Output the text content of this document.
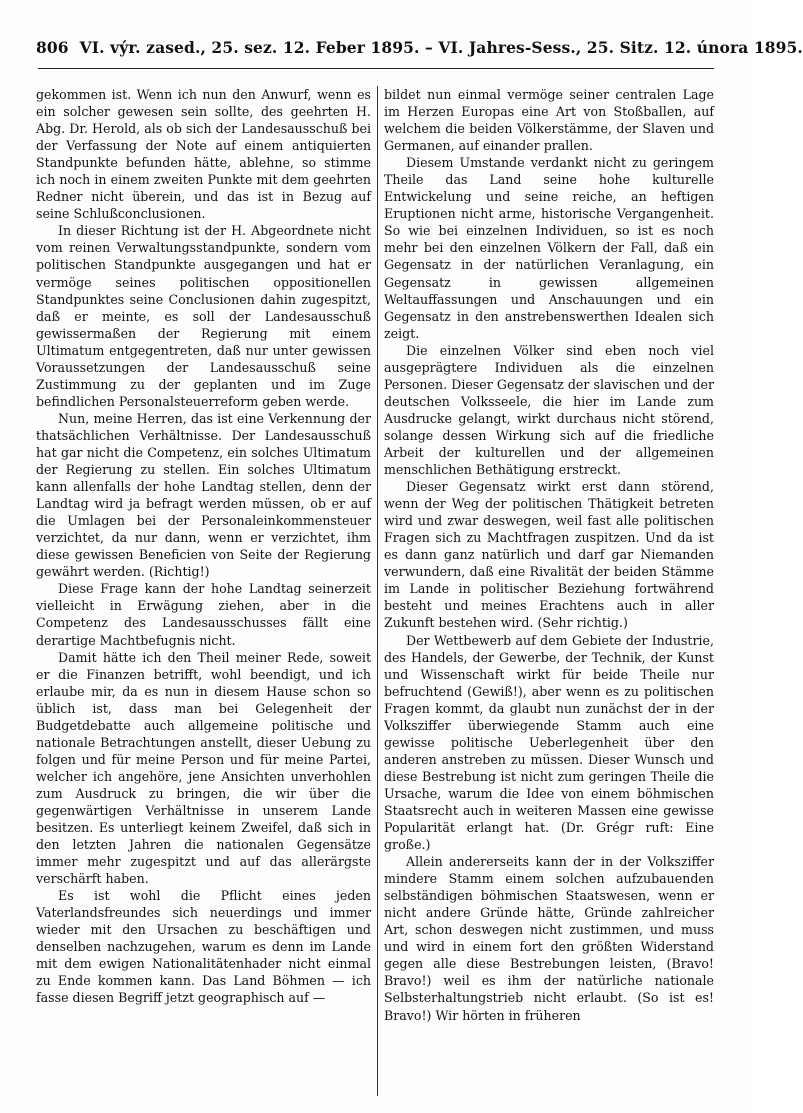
806 VI. výr. zased., 25. sez. 12. Feber 1895. – VI. Jahres-Sess., 25. Sitz. 12. února 1895.

gekommen ist. Wenn ich nun den Anwurf, wenn es ein solcher gewesen sein sollte, des geehrten H. Abg. Dr. Herold, als ob sich der Landesausschuß bei der Verfassung der Note auf einem antiquierten Standpunkte befunden hätte, ablehne, so stimme ich noch in einem zweiten Punkte mit dem geehrten Redner nicht überein, und das ist in Bezug auf seine Schlußconclusionen.

In dieser Richtung ist der H. Abgeordnete nicht vom reinen Verwaltungsstandpunkte, sondern vom politischen Standpunkte ausgegangen und hat er vermöge seines politischen oppositionellen Standpunktes seine Conclusionen dahin zugespitzt, daß er meinte, es soll der Landesausschuß gewissermaßen der Regierung mit einem Ultimatum entgegentreten, daß nur unter gewissen Voraussetzungen der Landesausschuß seine Zustimmung zu der geplanten und im Zuge befindlichen Personalsteuerreform geben werde.

Nun, meine Herren, das ist eine Verkennung der thatsächlichen Verhältnisse. Der Landesausschuß hat gar nicht die Competenz, ein solches Ultimatum der Regierung zu stellen. Ein solches Ultimatum kann allenfalls der hohe Landtag stellen, denn der Landtag wird ja befragt werden müssen, ob er auf die Umlagen bei der Personaleinkommensteuer verzichtet, da nur dann, wenn er verzichtet, ihm diese gewissen Beneficien von Seite der Regierung gewährt werden. (Richtig!)

Diese Frage kann der hohe Landtag seinerzeit vielleicht in Erwägung ziehen, aber in die Competenz des Landesausschusses fällt eine derartige Machtbefugnis nicht.

Damit hätte ich den Theil meiner Rede, soweit er die Finanzen betrifft, wohl beendigt, und ich erlaube mir, da es nun in diesem Hause schon so üblich ist, dass man bei Gelegenheit der Budgetdebatte auch allgemeine politische und nationale Betrachtungen anstellt, dieser Uebung zu folgen und für meine Person und für meine Partei, welcher ich angehöre, jene Ansichten unverhohlen zum Ausdruck zu bringen, die wir über die gegenwärtigen Verhältnisse in unserem Lande besitzen. Es unterliegt keinem Zweifel, daß sich in den letzten Jahren die nationalen Gegensätze immer mehr zugespitzt und auf das allerärgste verschärft haben.

Es ist wohl die Pflicht eines jeden Vaterlandsfreundes sich neuerdings und immer wieder mit den Ursachen zu beschäftigen und denselben nachzugehen, warum es denn im Lande mit dem ewigen Nationalitätenhader nicht einmal zu Ende kommen kann. Das Land Böhmen — ich fasse diesen Begriff jetzt geographisch auf —

bildet nun einmal vermöge seiner centralen Lage im Herzen Europas eine Art von Stoßballen, auf welchem die beiden Völkerstämme, der Slaven und Germanen, auf einander prallen.

Diesem Umstande verdankt nicht zu geringem Theile das Land seine hohe kulturelle Entwickelung und seine reiche, an heftigen Eruptionen nicht arme, historische Vergangenheit. So wie bei einzelnen Individuen, so ist es noch mehr bei den einzelnen Völkern der Fall, daß ein Gegensatz in der natürlichen Veranlagung, ein Gegensatz in gewissen allgemeinen Weltauffassungen und Anschauungen und ein Gegensatz in den anstrebenswerthen Idealen sich zeigt.

Die einzelnen Völker sind eben noch viel ausgeprägtere Individuen als die einzelnen Personen. Dieser Gegensatz der slavischen und der deutschen Volksseele, die hier im Lande zum Ausdrucke gelangt, wirkt durchaus nicht störend, solange dessen Wirkung sich auf die friedliche Arbeit der kulturellen und der allgemeinen menschlichen Bethätigung erstreckt.

Dieser Gegensatz wirkt erst dann störend, wenn der Weg der politischen Thätigkeit betreten wird und zwar deswegen, weil fast alle politischen Fragen sich zu Machtfragen zuspitzen. Und da ist es dann ganz natürlich und darf gar Niemanden verwundern, daß eine Rivalität der beiden Stämme im Lande in politischer Beziehung fortwährend besteht und meines Erachtens auch in aller Zukunft bestehen wird. (Sehr richtig.)

Der Wettbewerb auf dem Gebiete der Industrie, des Handels, der Gewerbe, der Technik, der Kunst und Wissenschaft wirkt für beide Theile nur befruchtend (Gewiß!), aber wenn es zu politischen Fragen kommt, da glaubt nun zunächst der in der Volksziffer überwiegende Stamm auch eine gewisse politische Ueberlegenheit über den anderen anstreben zu müssen. Dieser Wunsch und diese Bestrebung ist nicht zum geringen Theile die Ursache, warum die Idee von einem böhmischen Staatsrecht auch in weiteren Massen eine gewisse Popularität erlangt hat. (Dr. Grégr ruft: Eine große.)

Allein andererseits kann der in der Volksziffer mindere Stamm einem solchen aufzubauenden selbständigen böhmischen Staatswesen, wenn er nicht andere Gründe hätte, Gründe zahlreicher Art, schon deswegen nicht zustimmen, und muss und wird in einem fort den größten Widerstand gegen alle diese Bestrebungen leisten, (Bravo! Bravo!) weil es ihm der natürliche nationale Selbsterhaltungstrieb nicht erlaubt. (So ist es! Bravo!) Wir hörten in früheren
